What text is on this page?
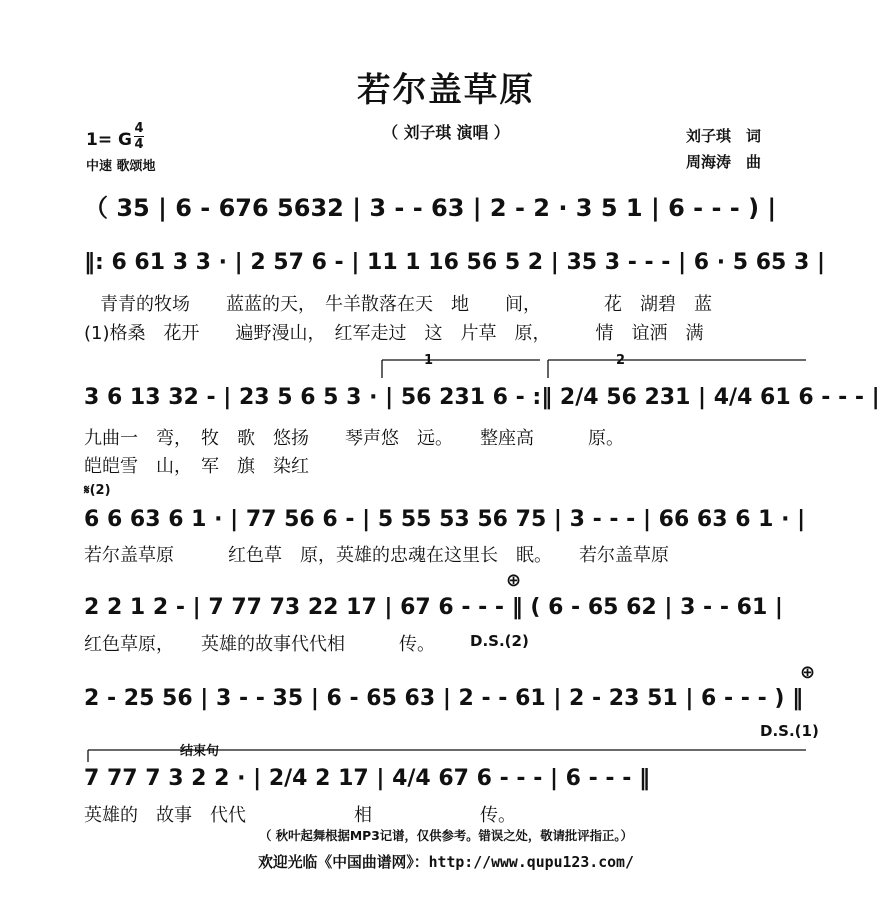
若尔盖草原
（ 刘子琪 演唱 ）
1= G
4
4
中速 歌颂地
刘子琪　词
周海涛　曲
（ 35 | 6 - 676 5632 | 3 - - 63 | 2 - 2 · 3 5 1 | 6 - - - ) |
‖: 6 61 3 3 · | 2 57 6 - | 11 1 16 56 5 2 | 35 3 - - - | 6 · 5 65 3 |
青青的牧场　　蓝蓝的天，　牛羊散落在天　地　　间，　　　　花　湖碧　蓝
(1)格桑　花开　　遍野漫山，　红军走过　这　片草　原，　　　情　谊洒　满
1	2
3 6 13 32 - | 23 5 6 5 3 · | 56 231 6 - :‖ 2/4 56 231 | 4/4 61 6 - - - |
九曲一　弯，　牧　歌　悠扬　　琴声悠　远。　　整座高　　　原。
皑皑雪　山，　军　旗　染红
𝄋(2)
6 6 63 6 1 · | 77 56 6 - | 5 55 53 56 75 | 3 - - - | 66 63 6 1 · |
若尔盖草原　　　红色草　原，英雄的忠魂在这里长　眠。　　若尔盖草原
⊕
2 2 1 2 - | 7 77 73 22 17 | 67 6 - - - ‖ ( 6 - 65 62 | 3 - - 61 |
红色草原，　　英雄的故事代代相　　　传。 D.S.(2)
⊕
2 - 25 56 | 3 - - 35 | 6 - 65 63 | 2 - - 61 | 2 - 23 51 | 6 - - - ) ‖
D.S.(1)
结束句
7 77 7 3 2 2 · | 2/4 2 17 | 4/4 67 6 - - - | 6 - - - ‖
英雄的　故事　代代　　　　　　相　　　　　　传。
（ 秋叶起舞根据MP3记谱，仅供参考。错误之处，敬请批评指正。）
欢迎光临《中国曲谱网》：http://www.qupu123.com/
